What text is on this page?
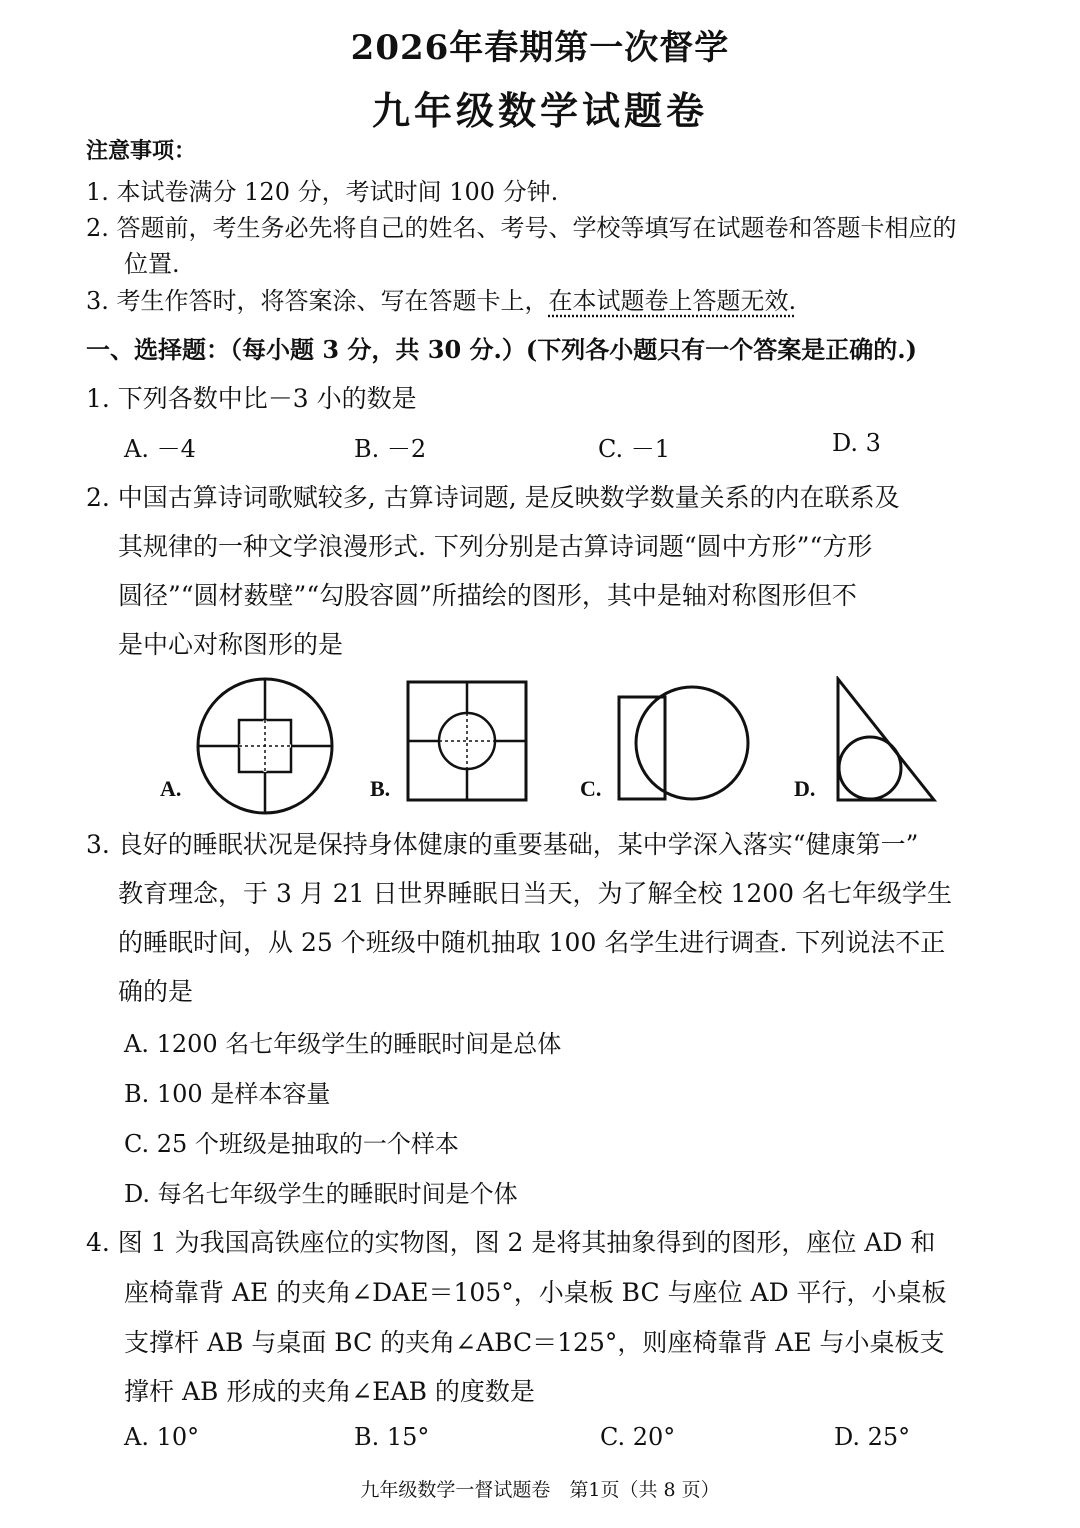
2026年春期第一次督学
九年级数学试题卷
注意事项：
1. 本试卷满分 120 分，考试时间 100 分钟.
2. 答题前，考生务必先将自己的姓名、考号、学校等填写在试题卷和答题卡相应的
位置.
3. 考生作答时，将答案涂、写在答题卡上，在本试题卷上答题无效.
一、选择题：（每小题 3 分，共 30 分.）(下列各小题只有一个答案是正确的.)
1. 下列各数中比－3 小的数是
A. －4	B. －2	C. －1	D. 3
2. 中国古算诗词歌赋较多, 古算诗词题, 是反映数学数量关系的内在联系及
其规律的一种文学浪漫形式. 下列分别是古算诗词题“圆中方形”“方形
圆径”“圆材薮壁”“勾股容圆”所描绘的图形，其中是轴对称图形但不
是中心对称图形的是
A.	B.	C.	D.
3. 良好的睡眠状况是保持身体健康的重要基础，某中学深入落实“健康第一”
教育理念，于 3 月 21 日世界睡眠日当天，为了解全校 1200 名七年级学生
的睡眠时间，从 25 个班级中随机抽取 100 名学生进行调查. 下列说法不正
确的是
A. 1200 名七年级学生的睡眠时间是总体
B. 100 是样本容量
C. 25 个班级是抽取的一个样本
D. 每名七年级学生的睡眠时间是个体
4. 图 1 为我国高铁座位的实物图，图 2 是将其抽象得到的图形，座位 AD 和
座椅靠背 AE 的夹角∠DAE＝105°，小桌板 BC 与座位 AD 平行，小桌板
支撑杆 AB 与桌面 BC 的夹角∠ABC＝125°，则座椅靠背 AE 与小桌板支
撑杆 AB 形成的夹角∠EAB 的度数是
A. 10°	B. 15°	C. 20°	D. 25°
九年级数学一督试题卷　第1页（共 8 页）
